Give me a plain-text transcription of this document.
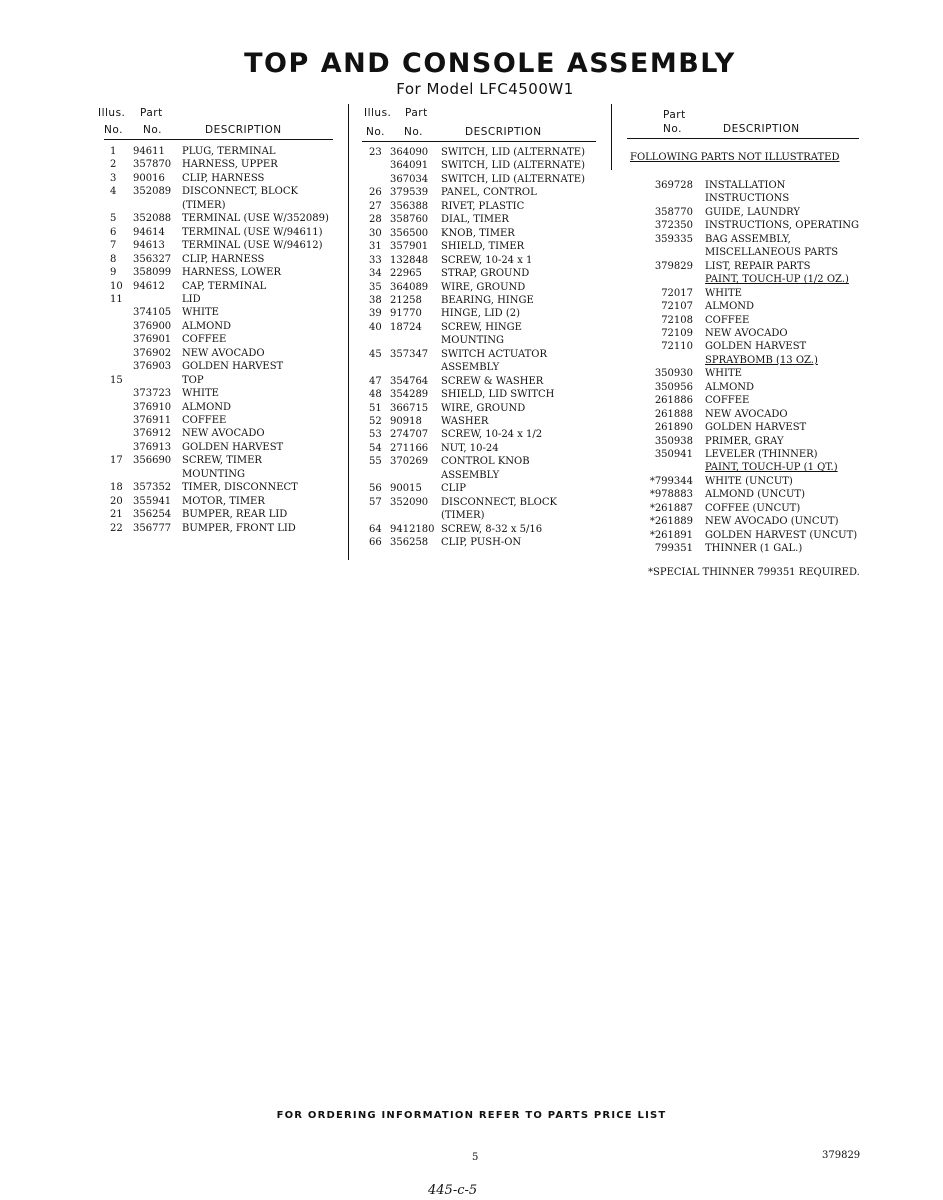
TOP AND CONSOLE ASSEMBLY
For Model LFC4500W1
Illus. Part
No. No.	DESCRIPTION
Illus. Part
No. No.	DESCRIPTION
Part
No.	DESCRIPTION
1 94611 PLUG, TERMINAL
2 357870 HARNESS, UPPER
3 90016 CLIP, HARNESS
4 352089 DISCONNECT, BLOCK
(TIMER)
5 352088 TERMINAL (USE W/352089)
6 94614 TERMINAL (USE W/94611)
7 94613 TERMINAL (USE W/94612)
8 356327 CLIP, HARNESS
9 358099 HARNESS, LOWER
10 94612 CAP, TERMINAL
11	LID
374105 WHITE
376900 ALMOND
376901 COFFEE
376902 NEW AVOCADO
376903 GOLDEN HARVEST
15	TOP
373723 WHITE
376910 ALMOND
376911 COFFEE
376912 NEW AVOCADO
376913 GOLDEN HARVEST
17 356690 SCREW, TIMER
MOUNTING
18 357352 TIMER, DISCONNECT
20 355941 MOTOR, TIMER
21 356254 BUMPER, REAR LID
22 356777 BUMPER, FRONT LID
23 364090 SWITCH, LID (ALTERNATE)
364091 SWITCH, LID (ALTERNATE)
367034 SWITCH, LID (ALTERNATE)
26 379539 PANEL, CONTROL
27 356388 RIVET, PLASTIC
28 358760 DIAL, TIMER
30 356500 KNOB, TIMER
31 357901 SHIELD, TIMER
33 132848 SCREW, 10-24 x 1
34 22965 STRAP, GROUND
35 364089 WIRE, GROUND
38 21258 BEARING, HINGE
39 91770 HINGE, LID (2)
40 18724 SCREW, HINGE
MOUNTING
45 357347 SWITCH ACTUATOR
ASSEMBLY
47 354764 SCREW & WASHER
48 354289 SHIELD, LID SWITCH
51 366715 WIRE, GROUND
52 90918 WASHER
53 274707 SCREW, 10-24 x 1/2
54 271166 NUT, 10-24
55 370269 CONTROL KNOB
ASSEMBLY
56 90015 CLIP
57 352090 DISCONNECT, BLOCK
(TIMER)
64 9412180 SCREW, 8-32 x 5/16
66 356258 CLIP, PUSH-ON
FOLLOWING PARTS NOT ILLUSTRATED
369728 INSTALLATION
INSTRUCTIONS
358770 GUIDE, LAUNDRY
372350 INSTRUCTIONS, OPERATING
359335 BAG ASSEMBLY,
MISCELLANEOUS PARTS
379829 LIST, REPAIR PARTS
PAINT, TOUCH-UP (1/2 OZ.)
72017 WHITE
72107 ALMOND
72108 COFFEE
72109 NEW AVOCADO
72110 GOLDEN HARVEST
SPRAYBOMB (13 OZ.)
350930 WHITE
350956 ALMOND
261886 COFFEE
261888 NEW AVOCADO
261890 GOLDEN HARVEST
350938 PRIMER, GRAY
350941 LEVELER (THINNER)
PAINT, TOUCH-UP (1 QT.)
*799344 WHITE (UNCUT)
*978883 ALMOND (UNCUT)
*261887 COFFEE (UNCUT)
*261889 NEW AVOCADO (UNCUT)
*261891 GOLDEN HARVEST (UNCUT)
799351 THINNER (1 GAL.)
*SPECIAL THINNER 799351 REQUIRED.
FOR ORDERING INFORMATION REFER TO PARTS PRICE LIST
5	379829
445-c-5
